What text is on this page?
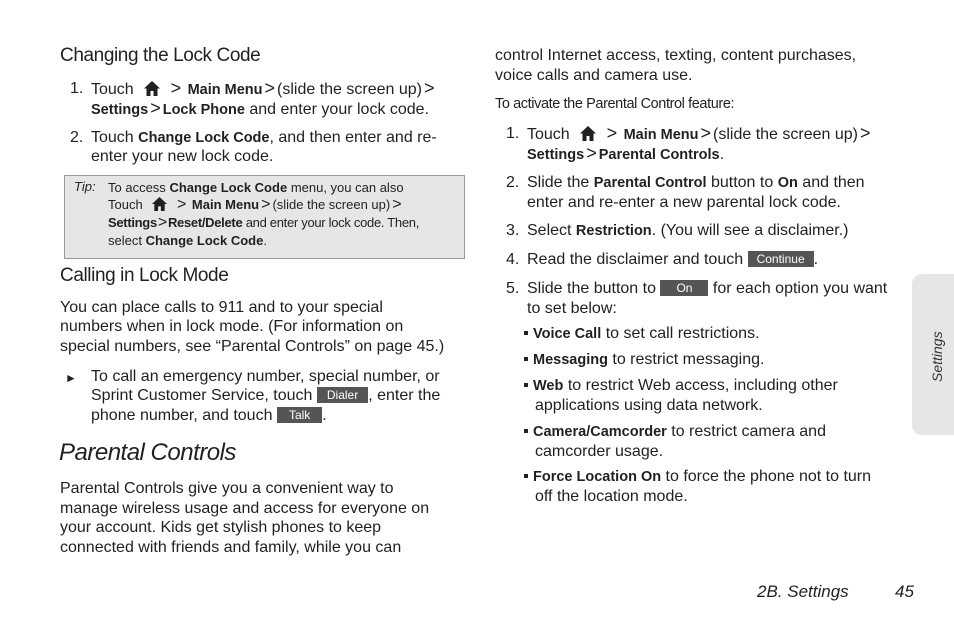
Changing the Lock Code
1. Touch > Main Menu > (slide the screen up) >
Settings > Lock Phone and enter your lock code.
2. Touch Change Lock Code, and then enter and re-
enter your new lock code.
Tip: To access Change Lock Code menu, you can also
Touch > Main Menu > (slide the screen up) >
Settings>Reset/Delete and enter your lock code. Then,
select Change Lock Code.
Calling in Lock Mode
You can place calls to 911 and to your special
numbers when in lock mode. (For information on
special numbers, see “Parental Controls” on page 45.)
► To call an emergency number, special number, or
Sprint Customer Service, touch Dialer , enter the
phone number, and touch Talk .
Parental Controls
Parental Controls give you a convenient way to
manage wireless usage and access for everyone on
your account. Kids get stylish phones to keep
connected with friends and family, while you can
control Internet access, texting, content purchases,
voice calls and camera use.
To activate the Parental Control feature:
1. Touch > Main Menu > (slide the screen up) >
Settings > Parental Controls.
2. Slide the Parental Control button to On and then
enter and re-enter a new parental lock code.
3. Select Restriction. (You will see a disclaimer.)
4. Read the disclaimer and touch Continue .
5. Slide the button to On for each option you want
to set below:
Voice Call to set call restrictions.
Messaging to restrict messaging.
Web to restrict Web access, including other
applications using data network.
Camera/Camcorder to restrict camera and
camcorder usage.
Force Location On to force the phone not to turn
off the location mode.
Settings
2B. Settings	45
